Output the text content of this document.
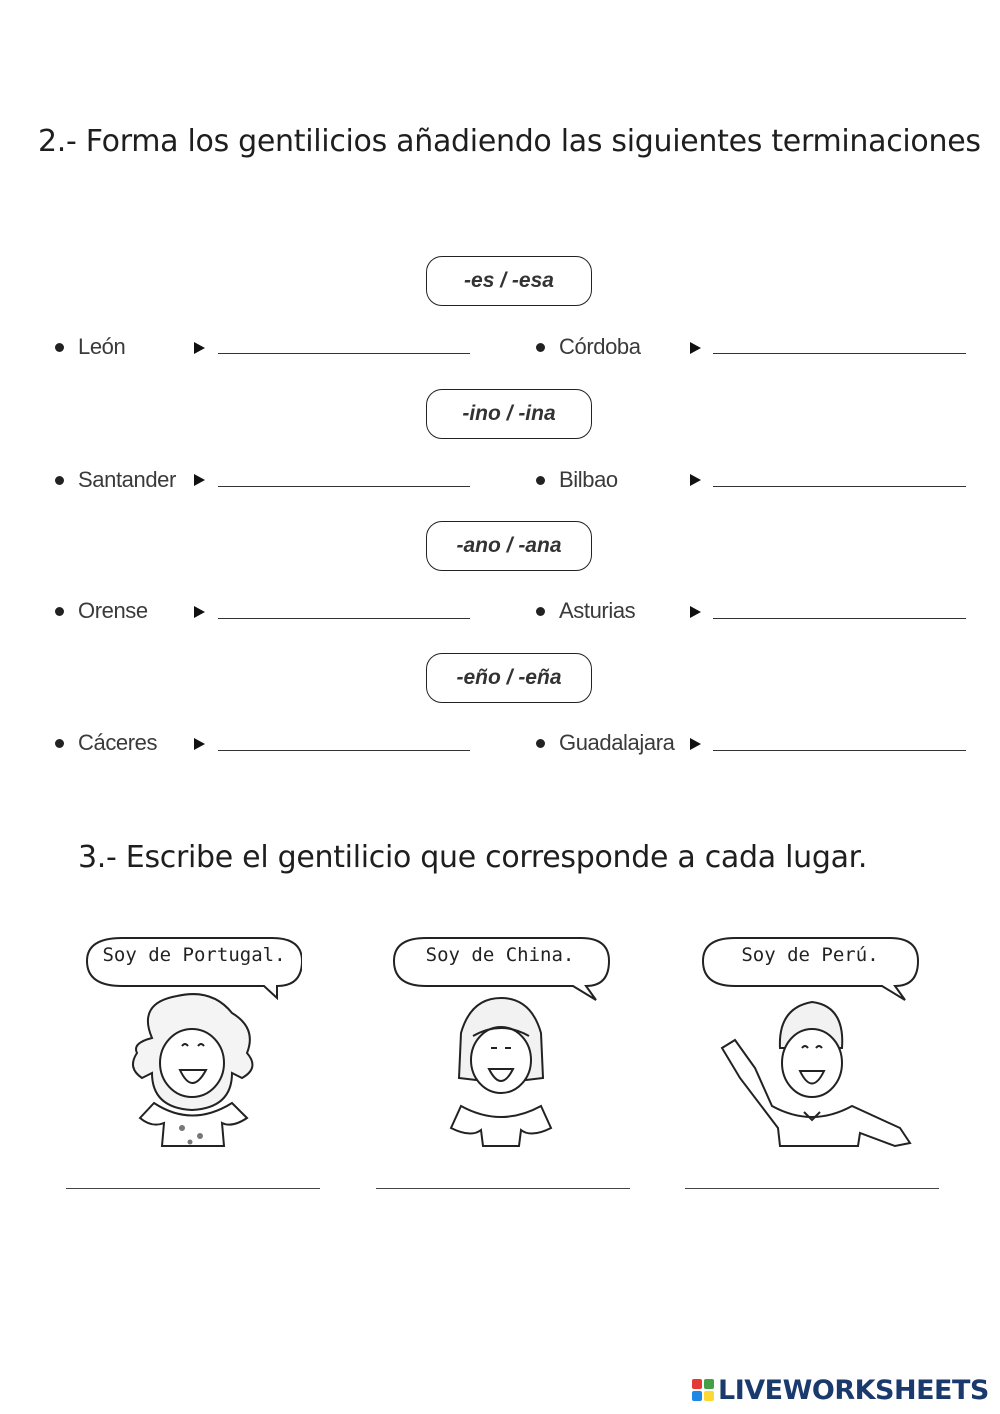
2.- Forma los gentilicios añadiendo las siguientes terminaciones
-es / -esa
León	Córdoba
-ino / -ina
Santander	Bilbao
-ano / -ana
Orense	Asturias
-eño / -eña
Cáceres	Guadalajara
3.- Escribe el gentilicio que corresponde a cada lugar.
Soy de Portugal.	Soy de China.	Soy de Perú.
LIVEWORKSHEETS
